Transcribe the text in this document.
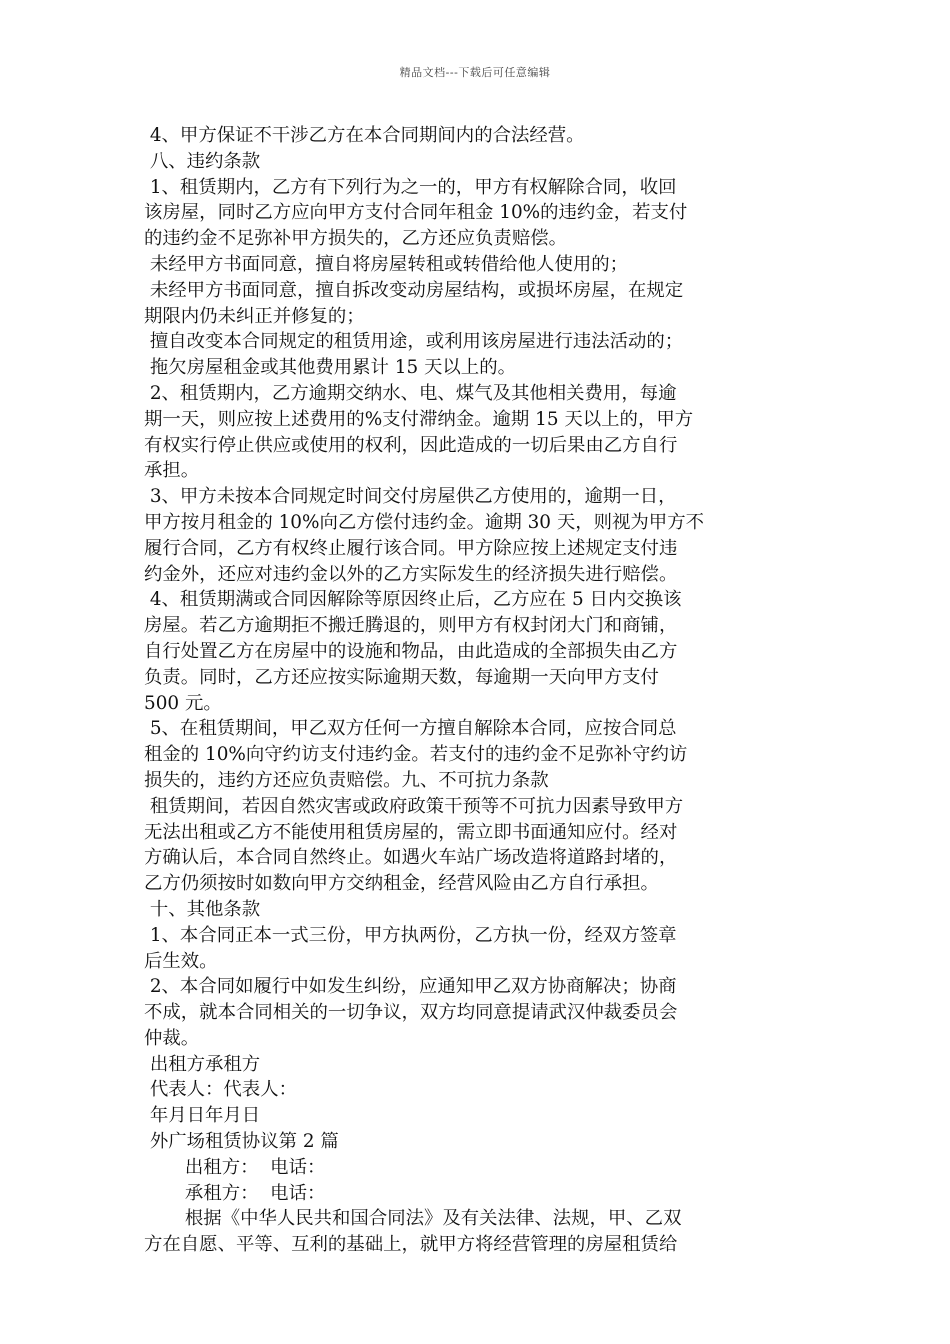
精品文档---下载后可任意编辑
4、甲方保证不干涉乙方在本合同期间内的合法经营。
八、违约条款
1、租赁期内，乙方有下列行为之一的，甲方有权解除合同，收回
该房屋，同时乙方应向甲方支付合同年租金 10%的违约金，若支付
的违约金不足弥补甲方损失的，乙方还应负责赔偿。
未经甲方书面同意，擅自将房屋转租或转借给他人使用的；
未经甲方书面同意，擅自拆改变动房屋结构，或损坏房屋，在规定
期限内仍未纠正并修复的；
擅自改变本合同规定的租赁用途，或利用该房屋进行违法活动的；
拖欠房屋租金或其他费用累计 15 天以上的。
2、租赁期内，乙方逾期交纳水、电、煤气及其他相关费用，每逾
期一天，则应按上述费用的%支付滞纳金。逾期 15 天以上的，甲方
有权实行停止供应或使用的权利，因此造成的一切后果由乙方自行
承担。
3、甲方未按本合同规定时间交付房屋供乙方使用的，逾期一日，
甲方按月租金的 10%向乙方偿付违约金。逾期 30 天，则视为甲方不
履行合同，乙方有权终止履行该合同。甲方除应按上述规定支付违
约金外，还应对违约金以外的乙方实际发生的经济损失进行赔偿。
4、租赁期满或合同因解除等原因终止后，乙方应在 5 日内交换该
房屋。若乙方逾期拒不搬迁腾退的，则甲方有权封闭大门和商铺，
自行处置乙方在房屋中的设施和物品，由此造成的全部损失由乙方
负责。同时，乙方还应按实际逾期天数，每逾期一天向甲方支付
500 元。
5、在租赁期间，甲乙双方任何一方擅自解除本合同，应按合同总
租金的 10%向守约访支付违约金。若支付的违约金不足弥补守约访
损失的，违约方还应负责赔偿。九、不可抗力条款
租赁期间，若因自然灾害或政府政策干预等不可抗力因素导致甲方
无法出租或乙方不能使用租赁房屋的，需立即书面通知应付。经对
方确认后，本合同自然终止。如遇火车站广场改造将道路封堵的，
乙方仍须按时如数向甲方交纳租金，经营风险由乙方自行承担。
十、其他条款
1、本合同正本一式三份，甲方执两份，乙方执一份，经双方签章
后生效。
2、本合同如履行中如发生纠纷，应通知甲乙双方协商解决；协商
不成，就本合同相关的一切争议，双方均同意提请武汉仲裁委员会
仲裁。
出租方承租方
代表人：代表人：
年月日年月日
外广场租赁协议第 2 篇
出租方：  电话：
承租方：  电话：
根据《中华人民共和国合同法》及有关法律、法规，甲、乙双
方在自愿、平等、互利的基础上，就甲方将经营管理的房屋租赁给
